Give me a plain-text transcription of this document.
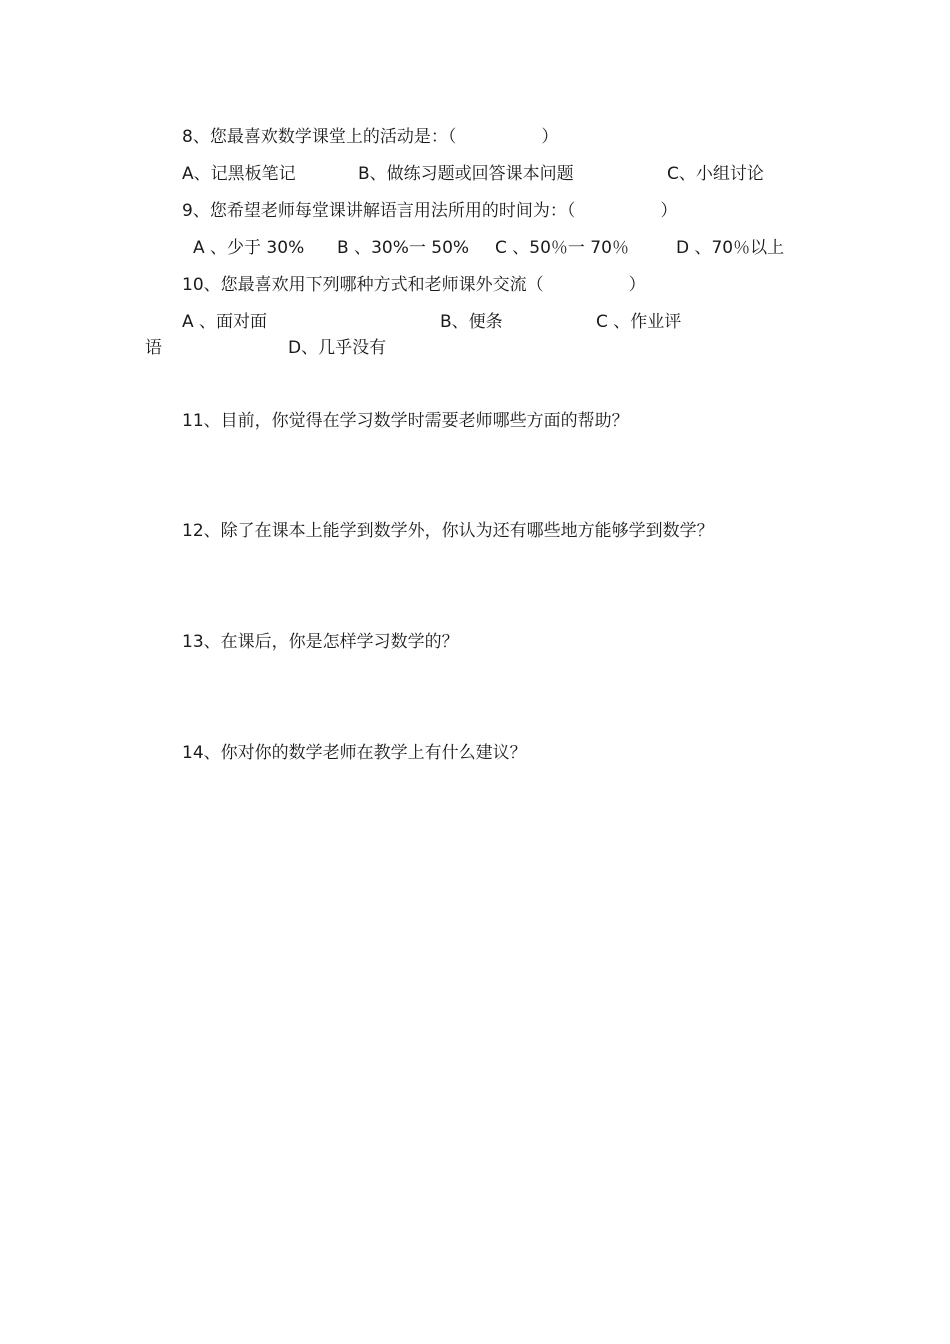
8、您最喜欢数学课堂上的活动是：（　　　　　）
A、记黑板笔记	B、做练习题或回答课本问题	C、小组讨论
9、您希望老师每堂课讲解语言用法所用的时间为：（　　　　　）
A 、少于 30% B 、30%一 50% C 、50％一 70％	D 、70％以上
10、您最喜欢用下列哪种方式和老师课外交流（　　　　　）
A 、面对面	B、便条	C 、作业评
语	D、几乎没有
11、目前，你觉得在学习数学时需要老师哪些方面的帮助？
12、除了在课本上能学到数学外，你认为还有哪些地方能够学到数学？
13、在课后，你是怎样学习数学的？
14、你对你的数学老师在教学上有什么建议？
